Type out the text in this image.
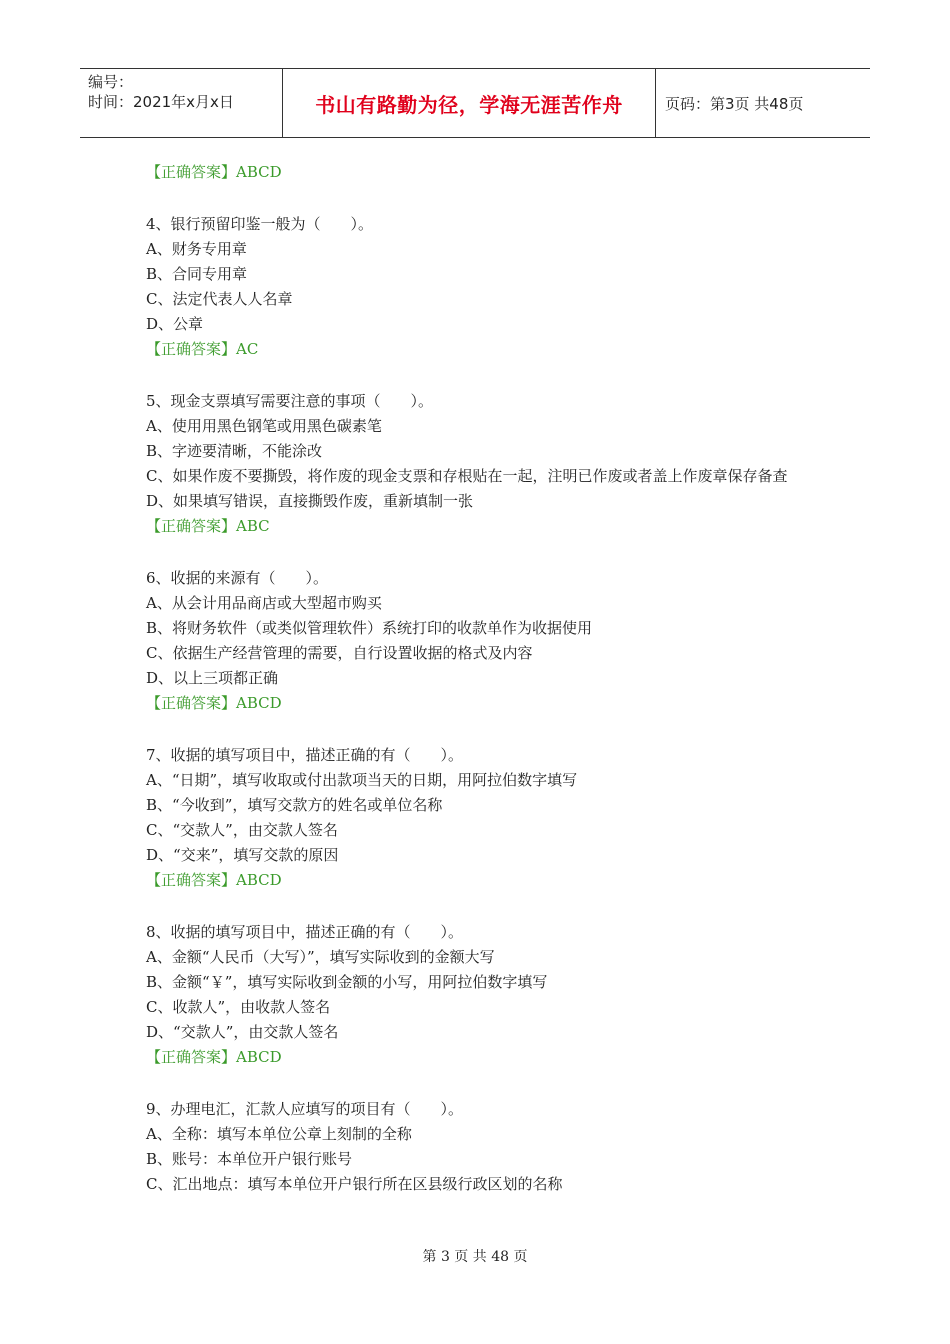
编号：
时间：2021年x月x日	书山有路勤为径，学海无涯苦作舟	页码：第3页 共48页
【正确答案】ABCD
4、银行预留印鉴一般为（　　）。
A、财务专用章
B、合同专用章
C、法定代表人人名章
D、公章
【正确答案】AC
5、现金支票填写需要注意的事项（　　）。
A、使用用黑色钢笔或用黑色碳素笔
B、字迹要清晰，不能涂改
C、如果作废不要撕毁，将作废的现金支票和存根贴在一起，注明已作废或者盖上作废章保存备查
D、如果填写错误，直接撕毁作废，重新填制一张
【正确答案】ABC
6、收据的来源有（　　）。
A、从会计用品商店或大型超市购买
B、将财务软件（或类似管理软件）系统打印的收款单作为收据使用
C、依据生产经营管理的需要，自行设置收据的格式及内容
D、以上三项都正确
【正确答案】ABCD
7、收据的填写项目中，描述正确的有（　　）。
A、“日期”，填写收取或付出款项当天的日期，用阿拉伯数字填写
B、“今收到”，填写交款方的姓名或单位名称
C、“交款人”，由交款人签名
D、“交来”，填写交款的原因
【正确答案】ABCD
8、收据的填写项目中，描述正确的有（　　）。
A、金额“人民币（大写）”，填写实际收到的金额大写
B、金额“￥”，填写实际收到金额的小写，用阿拉伯数字填写
C、收款人”，由收款人签名
D、“交款人”，由交款人签名
【正确答案】ABCD
9、办理电汇，汇款人应填写的项目有（　　）。
A、全称：填写本单位公章上刻制的全称
B、账号：本单位开户银行账号
C、汇出地点：填写本单位开户银行所在区县级行政区划的名称
第 3 页 共 48 页
